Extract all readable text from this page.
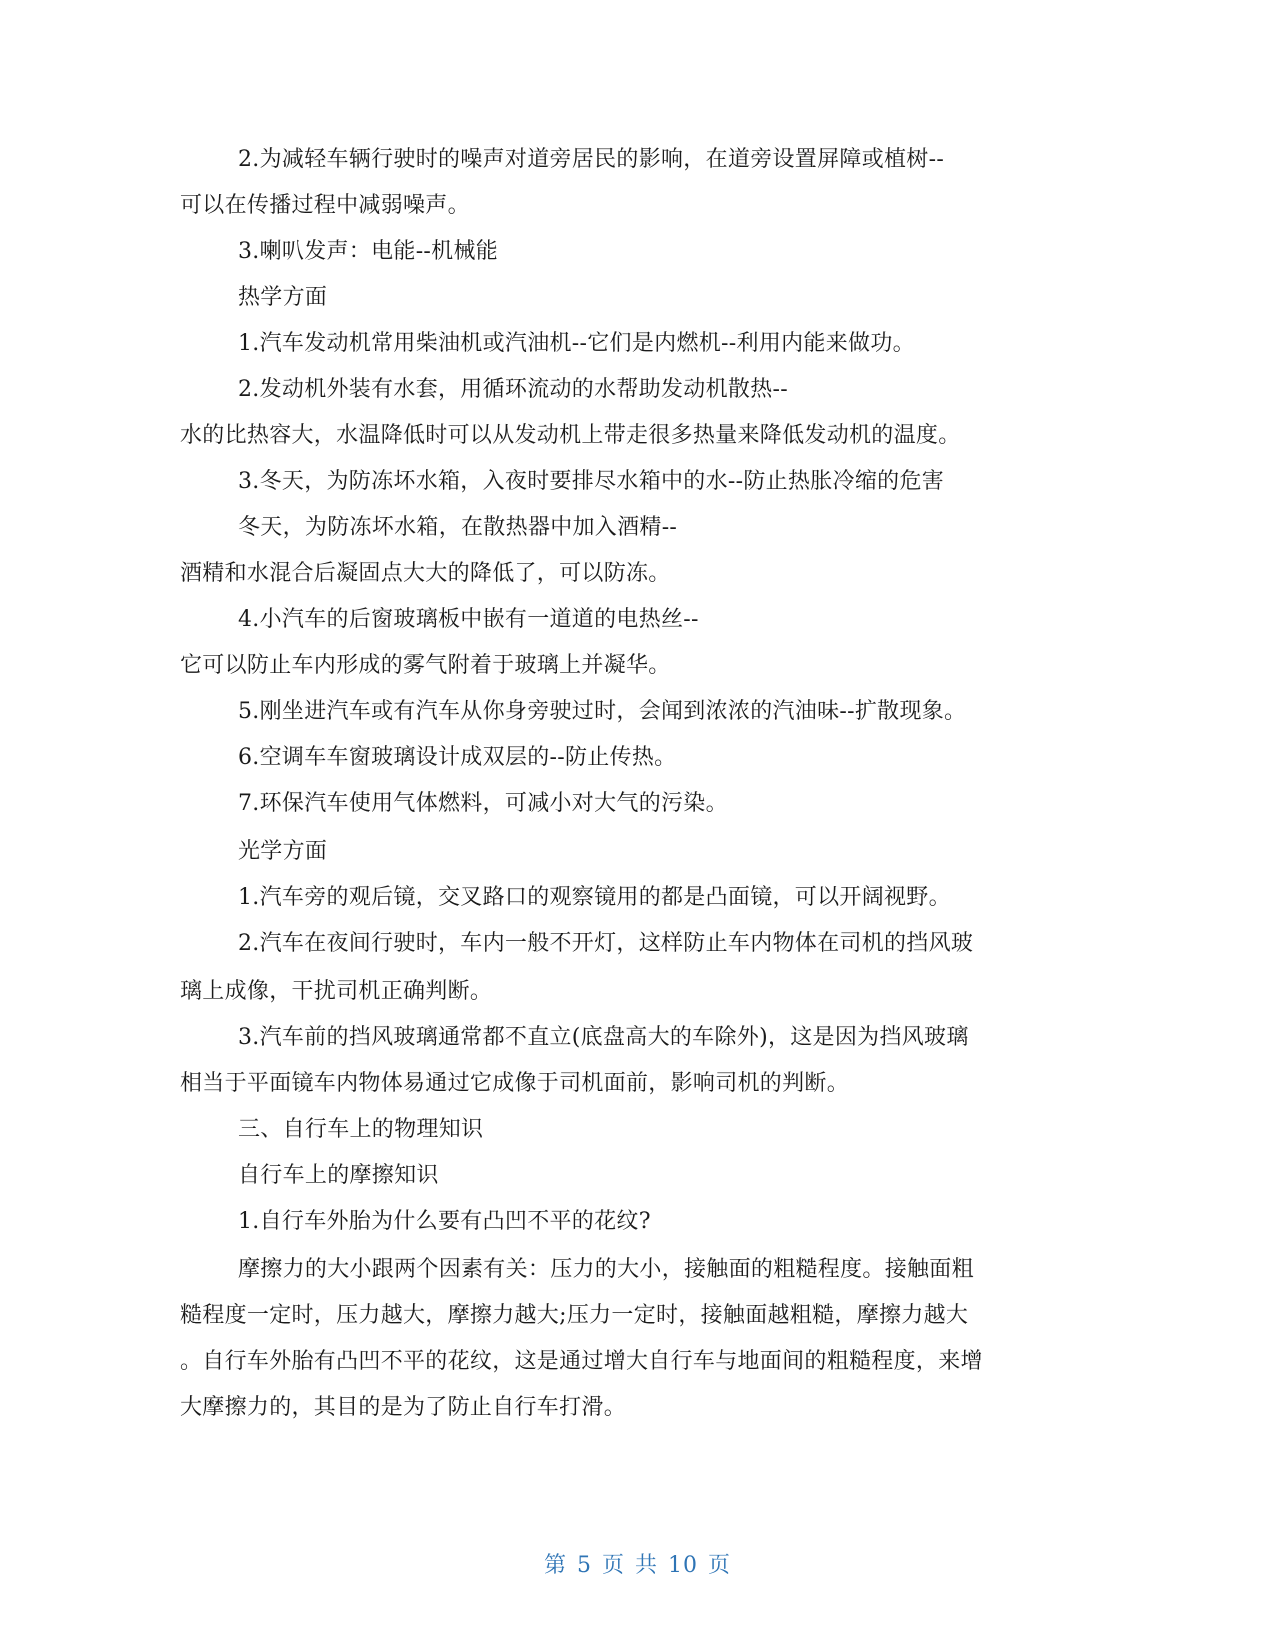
2.为减轻车辆行驶时的噪声对道旁居民的影响，在道旁设置屏障或植树--
可以在传播过程中减弱噪声。
3.喇叭发声：电能--机械能
热学方面
1.汽车发动机常用柴油机或汽油机--它们是内燃机--利用内能来做功。
2.发动机外装有水套，用循环流动的水帮助发动机散热--
水的比热容大，水温降低时可以从发动机上带走很多热量来降低发动机的温度。
3.冬天，为防冻坏水箱，入夜时要排尽水箱中的水--防止热胀冷缩的危害
冬天，为防冻坏水箱，在散热器中加入酒精--
酒精和水混合后凝固点大大的降低了，可以防冻。
4.小汽车的后窗玻璃板中嵌有一道道的电热丝--
它可以防止车内形成的雾气附着于玻璃上并凝华。
5.刚坐进汽车或有汽车从你身旁驶过时，会闻到浓浓的汽油味--扩散现象。
6.空调车车窗玻璃设计成双层的--防止传热。
7.环保汽车使用气体燃料，可减小对大气的污染。
光学方面
1.汽车旁的观后镜，交叉路口的观察镜用的都是凸面镜，可以开阔视野。
2.汽车在夜间行驶时，车内一般不开灯，这样防止车内物体在司机的挡风玻
璃上成像，干扰司机正确判断。
3.汽车前的挡风玻璃通常都不直立(底盘高大的车除外)，这是因为挡风玻璃
相当于平面镜车内物体易通过它成像于司机面前，影响司机的判断。
三、自行车上的物理知识
自行车上的摩擦知识
1.自行车外胎为什么要有凸凹不平的花纹?
摩擦力的大小跟两个因素有关：压力的大小，接触面的粗糙程度。接触面粗
糙程度一定时，压力越大，摩擦力越大;压力一定时，接触面越粗糙，摩擦力越大
。自行车外胎有凸凹不平的花纹，这是通过增大自行车与地面间的粗糙程度，来增
大摩擦力的，其目的是为了防止自行车打滑。
第 5 页 共 10 页
